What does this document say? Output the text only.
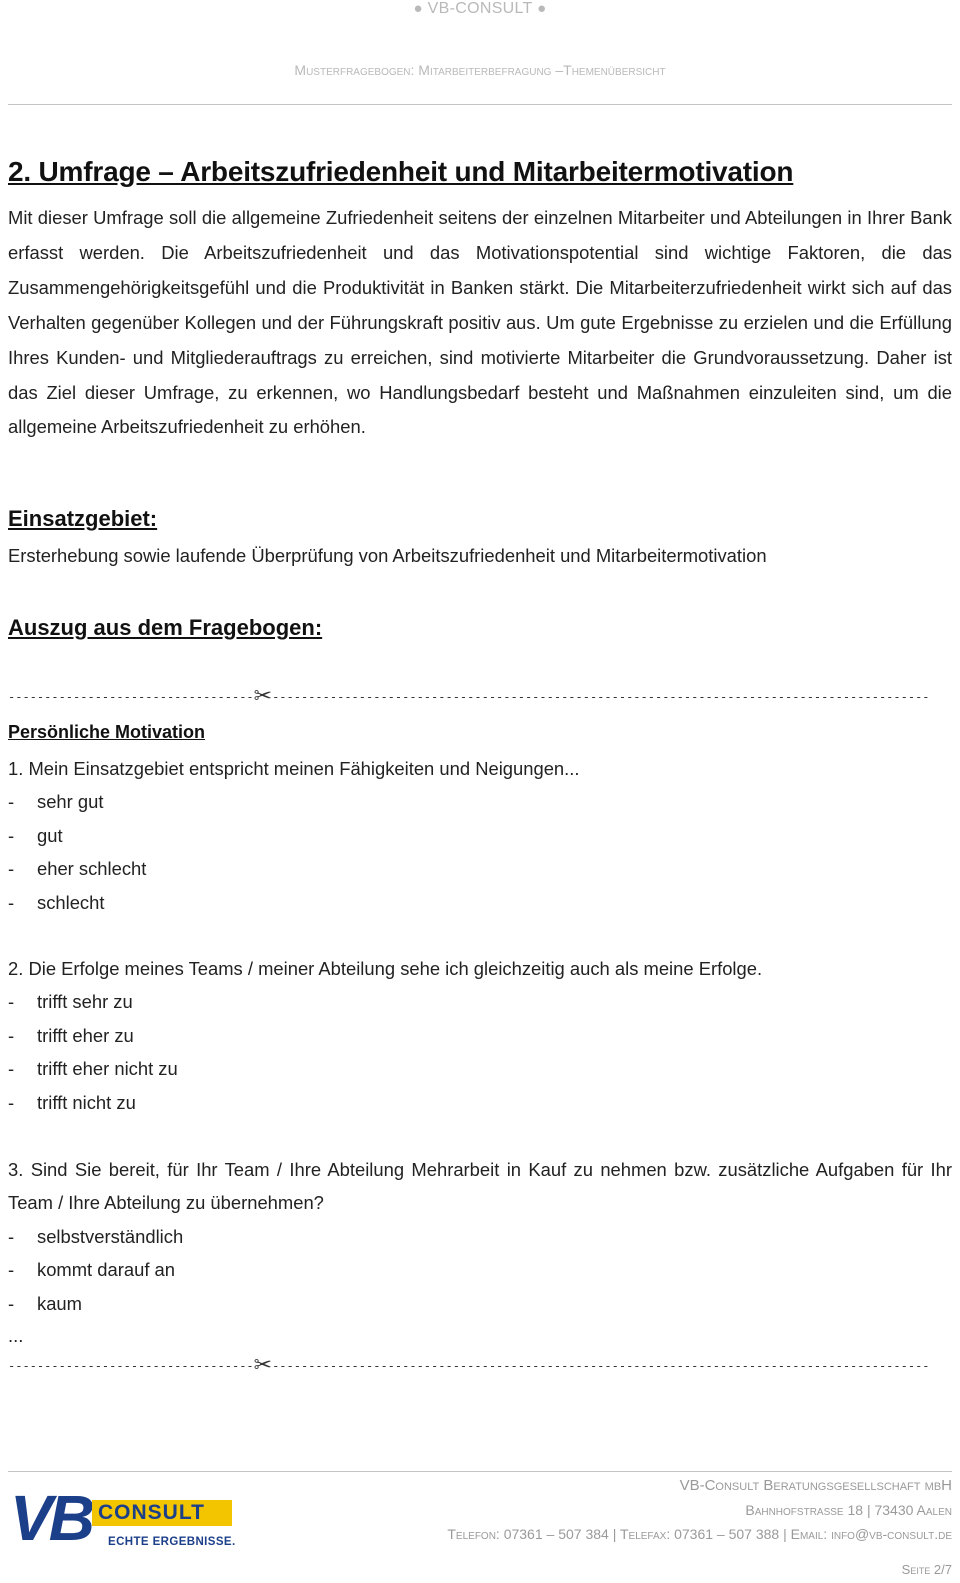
● VB-CONSULT ●
Musterfragebogen: Mitarbeiterbefragung –Themenübersicht
2. Umfrage – Arbeitszufriedenheit und Mitarbeitermotivation

Mit dieser Umfrage soll die allgemeine Zufriedenheit seitens der einzelnen Mitarbeiter und Abteilungen in Ihrer Bank erfasst werden. Die Arbeitszufriedenheit und das Motivationspotential sind wichtige Faktoren, die das Zusammengehörigkeitsgefühl und die Produktivität in Banken stärkt. Die Mitarbeiterzufriedenheit wirkt sich auf das Verhalten gegenüber Kollegen und der Führungskraft positiv aus. Um gute Ergebnisse zu erzielen und die Erfüllung Ihres Kunden- und Mitgliederauftrags zu erreichen, sind motivierte Mitarbeiter die Grundvoraussetzung. Daher ist das Ziel dieser Umfrage, zu erkennen, wo Handlungsbedarf besteht und Maßnahmen einzuleiten sind, um die allgemeine Arbeitszufriedenheit zu erhöhen.

Einsatzgebiet:

Ersterhebung sowie laufende Überprüfung von Arbeitszufriedenheit und Mitarbeitermotivation

Auszug aus dem Fragebogen:
----------------------------------✂-------------------------------------------------------------------------------------------
Persönliche Motivation

1. Mein Einsatzgebiet entspricht meinen Fähigkeiten und Neigungen...

- sehr gut
- gut
- eher schlecht
- schlecht

2. Die Erfolge meines Teams / meiner Abteilung sehe ich gleichzeitig auch als meine Erfolge.

- trifft sehr zu
- trifft eher zu
- trifft eher nicht zu
- trifft nicht zu

3. Sind Sie bereit, für Ihr Team / Ihre Abteilung Mehrarbeit in Kauf zu nehmen bzw. zusätzliche Aufgaben für Ihr Team / Ihre Abteilung zu übernehmen?

- selbstverständlich
- kommt darauf an
- kaum
...
----------------------------------✂-------------------------------------------------------------------------------------------
VB CONSULT
ECHTE ERGEBNISSE.
VB-Consult Beratungsgesellschaft mbH
Bahnhofstrasse 18 | 73430 Aalen
Telefon: 07361 – 507 384 | Telefax: 07361 – 507 388 | Email: info@vb-consult.de
Seite 2/7
